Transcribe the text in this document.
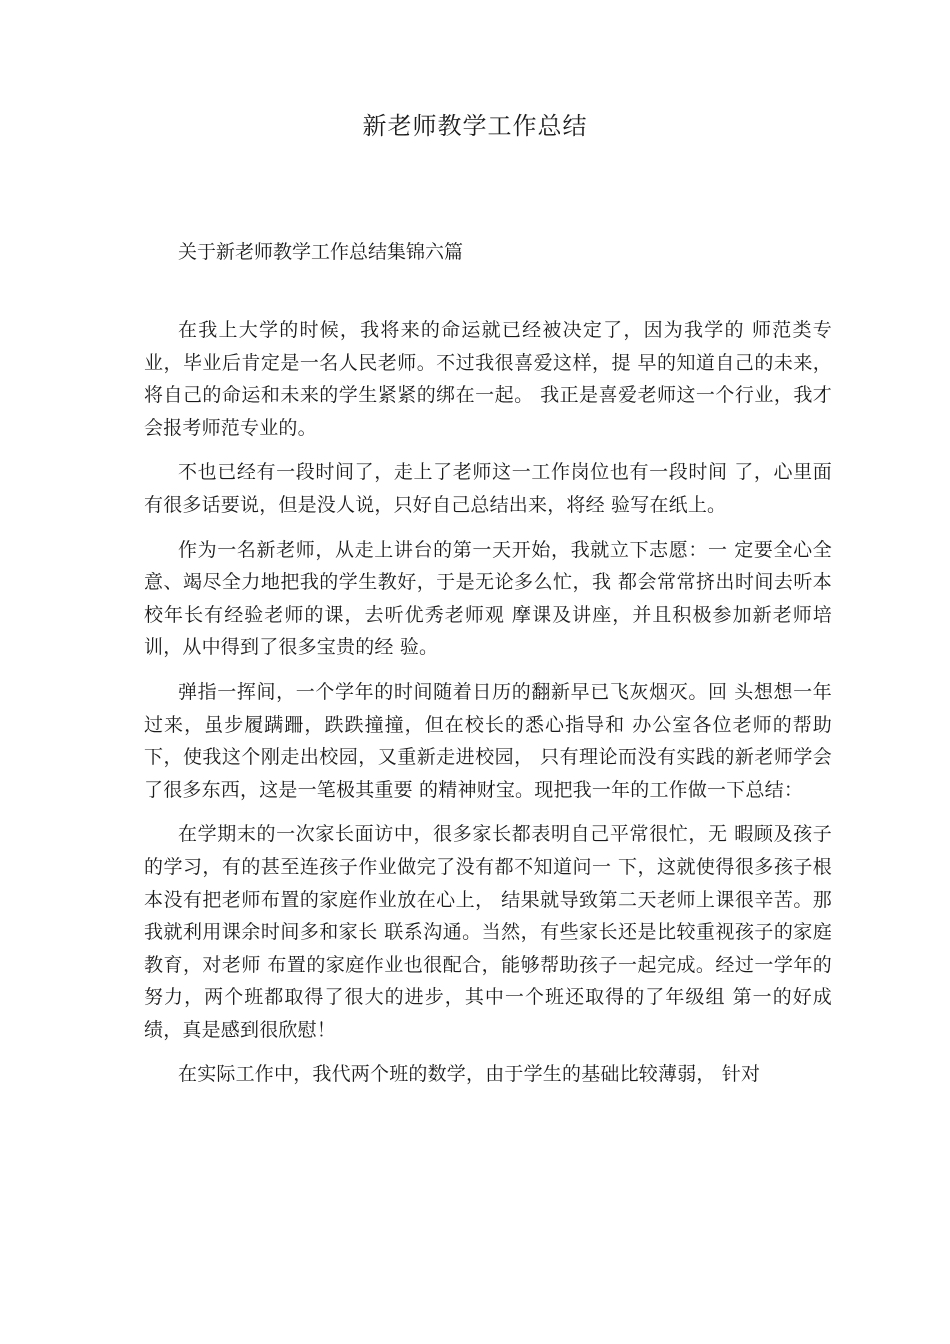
新老师教学工作总结
关于新老师教学工作总结集锦六篇

在我上大学的时候，我将来的命运就已经被决定了，因为我学的 师范类专业，毕业后肯定是一名人民老师。不过我很喜爱这样，提 早的知道自己的未来，将自己的命运和未来的学生紧紧的绑在一起。 我正是喜爱老师这一个行业，我才会报考师范专业的。

不也已经有一段时间了，走上了老师这一工作岗位也有一段时间 了，心里面有很多话要说，但是没人说，只好自己总结出来，将经 验写在纸上。

作为一名新老师，从走上讲台的第一天开始，我就立下志愿：一 定要全心全意、竭尽全力地把我的学生教好，于是无论多么忙，我 都会常常挤出时间去听本校年长有经验老师的课，去听优秀老师观 摩课及讲座，并且积极参加新老师培训，从中得到了很多宝贵的经 验。

弹指一挥间，一个学年的时间随着日历的翻新早已飞灰烟灭。回 头想想一年过来，虽步履蹒跚，跌跌撞撞，但在校长的悉心指导和 办公室各位老师的帮助下，使我这个刚走出校园，又重新走进校园， 只有理论而没有实践的新老师学会了很多东西，这是一笔极其重要 的精神财宝。现把我一年的工作做一下总结：

在学期末的一次家长面访中，很多家长都表明自己平常很忙，无 暇顾及孩子的学习，有的甚至连孩子作业做完了没有都不知道问一 下，这就使得很多孩子根本没有把老师布置的家庭作业放在心上， 结果就导致第二天老师上课很辛苦。那我就利用课余时间多和家长 联系沟通。当然，有些家长还是比较重视孩子的家庭教育，对老师 布置的家庭作业也很配合，能够帮助孩子一起完成。经过一学年的 努力，两个班都取得了很大的进步，其中一个班还取得的了年级组 第一的好成绩，真是感到很欣慰！

在实际工作中，我代两个班的数学，由于学生的基础比较薄弱， 针对
